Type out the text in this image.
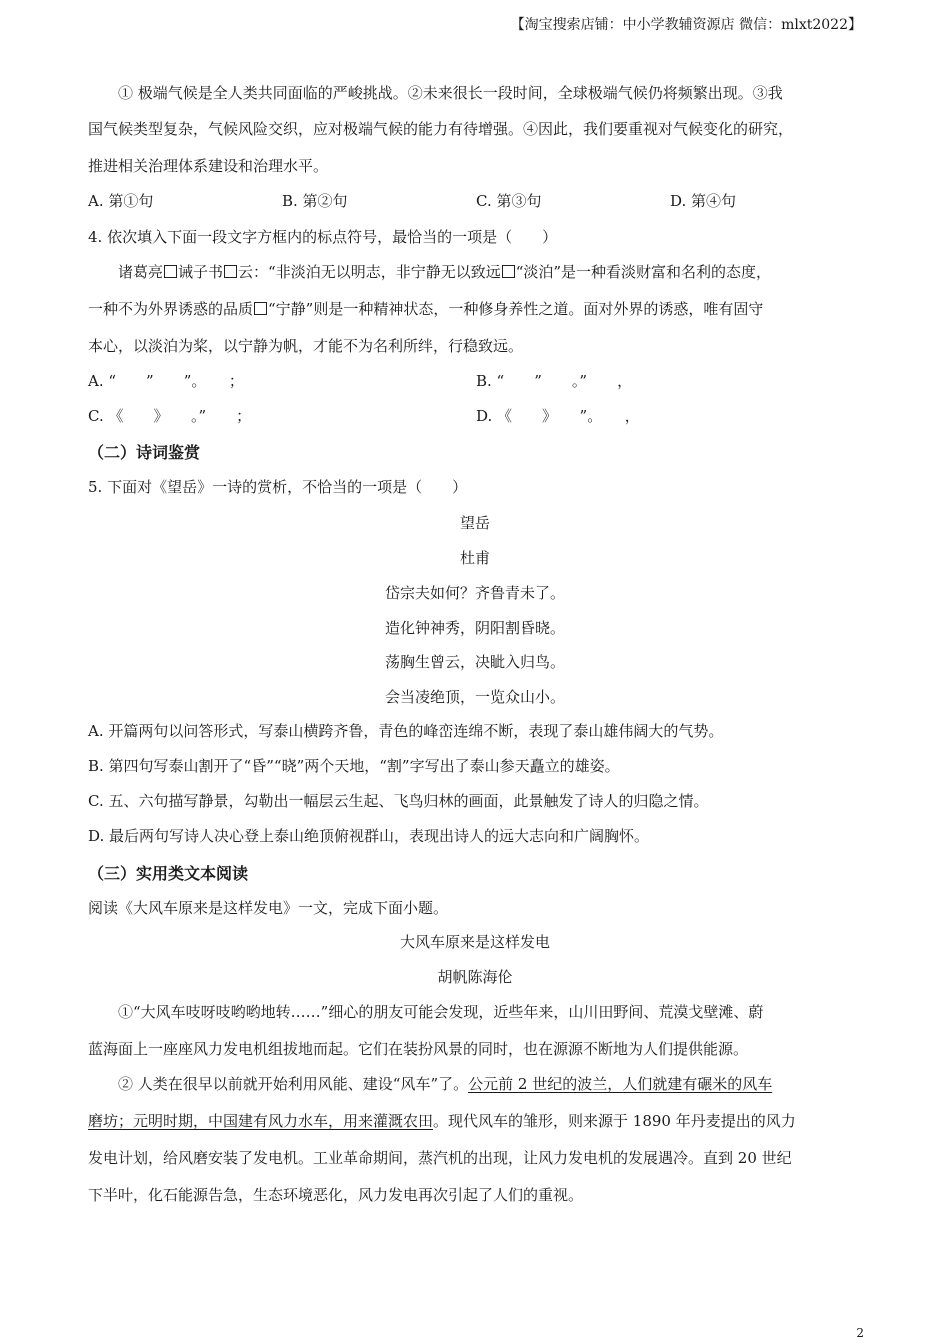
【淘宝搜索店铺：中小学教辅资源店 微信：mlxt2022】
① 极端气候是全人类共同面临的严峻挑战。②未来很长一段时间，全球极端气候仍将频繁出现。③我
国气候类型复杂，气候风险交织，应对极端气候的能力有待增强。④因此，我们要重视对气候变化的研究，
推进相关治理体系建设和治理水平。
A. 第①句	B. 第②句	C. 第③句	D. 第④句
4. 依次填入下面一段文字方框内的标点符号，最恰当的一项是（　　）
诸葛亮 诫子书 云：“非淡泊无以明志，非宁静无以致远 “淡泊”是一种看淡财富和名利的态度，
一种不为外界诱惑的品质 “宁静”则是一种精神状态，一种修身养性之道。面对外界的诱惑，唯有固守
本心，以淡泊为桨，以宁静为帆，才能不为名利所绊，行稳致远。
A. “　　”　　”。　　；	B. “　　”　　。”　　，
C. 《　　》　　。”　　；	D. 《　　》　　”。　　，
（二）诗词鉴赏
5. 下面对《望岳》一诗的赏析，不恰当的一项是（　　）
望岳
杜甫
岱宗夫如何？齐鲁青未了。
造化钟神秀，阴阳割昏晓。
荡胸生曾云，决眦入归鸟。
会当凌绝顶，一览众山小。
A. 开篇两句以问答形式，写泰山横跨齐鲁，青色的峰峦连绵不断，表现了泰山雄伟阔大的气势。
B. 第四句写泰山割开了“昏”“晓”两个天地，“割”字写出了泰山参天矗立的雄姿。
C. 五、六句描写静景，勾勒出一幅层云生起、飞鸟归林的画面，此景触发了诗人的归隐之情。
D. 最后两句写诗人决心登上泰山绝顶俯视群山，表现出诗人的远大志向和广阔胸怀。
（三）实用类文本阅读
阅读《大风车原来是这样发电》一文，完成下面小题。
大风车原来是这样发电
胡帆陈海伦
①“大风车吱呀吱哟哟地转……”细心的朋友可能会发现，近些年来，山川田野间、荒漠戈壁滩、蔚
蓝海面上一座座风力发电机组拔地而起。它们在装扮风景的同时，也在源源不断地为人们提供能源。
② 人类在很早以前就开始利用风能、建设“风车”了。公元前 2 世纪的波兰，人们就建有碾米的风车
磨坊；元明时期，中国建有风力水车，用来灌溉农田。现代风车的雏形，则来源于 1890 年丹麦提出的风力
发电计划，给风磨安装了发电机。工业革命期间，蒸汽机的出现，让风力发电机的发展遇冷。直到 20 世纪
下半叶，化石能源告急，生态环境恶化，风力发电再次引起了人们的重视。
2
